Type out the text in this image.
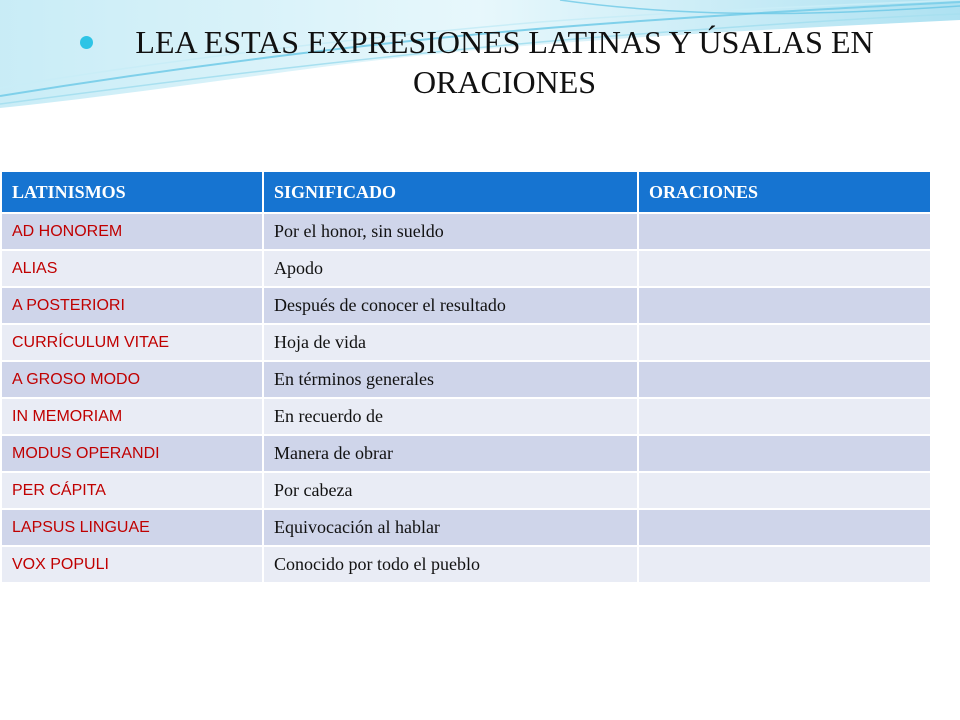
LEA ESTAS EXPRESIONES LATINAS Y ÚSALAS EN ORACIONES
LATINISMOS	SIGNIFICADO	ORACIONES
AD HONOREM	Por el honor, sin sueldo	
ALIAS	Apodo	
A POSTERIORI	Después de conocer el resultado	
CURRÍCULUM VITAE	Hoja de vida	
A GROSO MODO	En términos generales	
IN MEMORIAM	En recuerdo de	
MODUS OPERANDI	Manera de obrar	
PER CÁPITA	Por cabeza	
LAPSUS LINGUAE	Equivocación al hablar	
VOX POPULI	Conocido por todo el pueblo	
